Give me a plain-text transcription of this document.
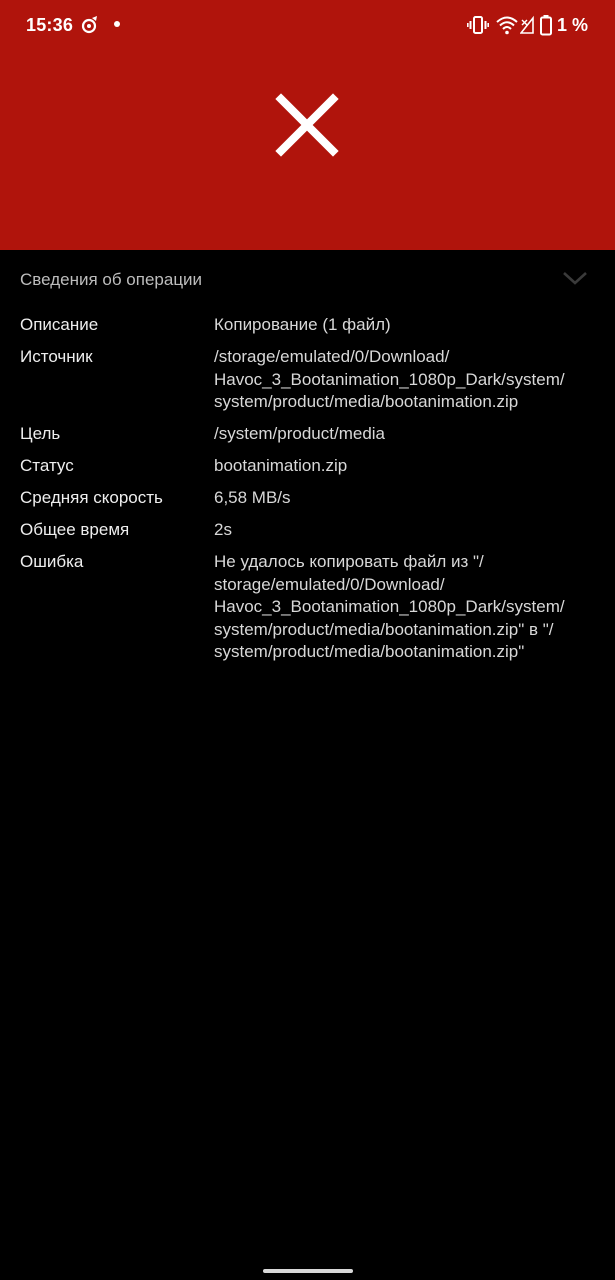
15:36	1 %
Сведения об операции
Описание	Копирование (1 файл)
Источник	/storage/emulated/0/Download/
Havoc_3_Bootanimation_1080p_Dark/system/
system/product/media/bootanimation.zip
Цель	/system/product/media
Статус	bootanimation.zip
Средняя скорость	6,58 MB/s
Общее время	2s
Ошибка	Не удалось копировать файл из "/
storage/emulated/0/Download/
Havoc_3_Bootanimation_1080p_Dark/system/
system/product/media/bootanimation.zip" в "/
system/product/media/bootanimation.zip"
